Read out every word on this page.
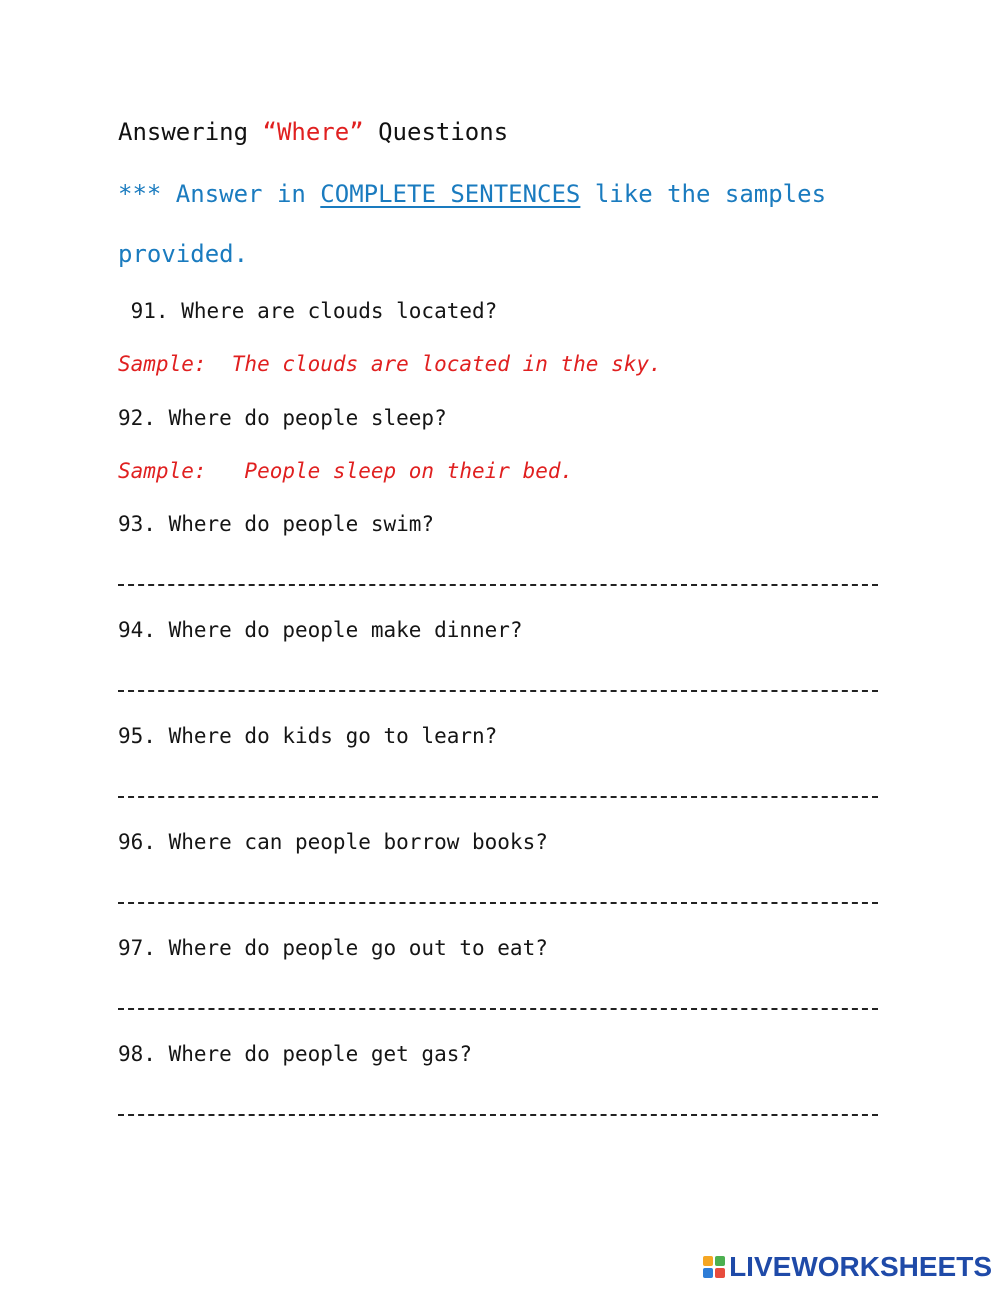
Answering “Where” Questions
*** Answer in COMPLETE SENTENCES like the samples
provided.
91. Where are clouds located?
Sample:  The clouds are located in the sky.
92. Where do people sleep?
Sample:   People sleep on their bed.
93. Where do people swim?
94. Where do people make dinner?
95. Where do kids go to learn?
96. Where can people borrow books?
97. Where do people go out to eat?
98. Where do people get gas?
LIVEWORKSHEETS
